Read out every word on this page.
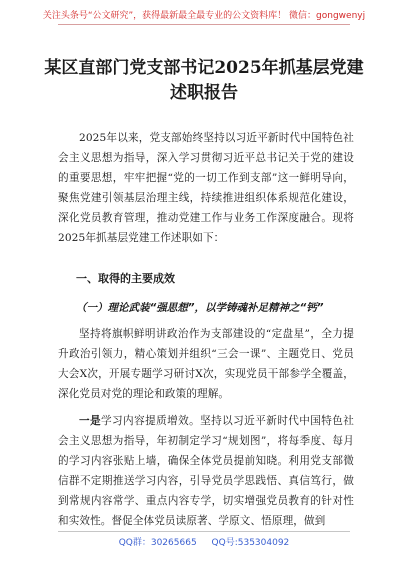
关注头条号“公文研究”，获得最新最全最专业的公文资料库！ 微信：gongwenyj
某区直部门党支部书记2025年抓基层党建述职报告
2025年以来，党支部始终坚持以习近平新时代中国特色社会主义思想为指导，深入学习贯彻习近平总书记关于党的建设的重要思想，牢牢把握“党的一切工作到支部”这一鲜明导向，聚焦党建引领基层治理主线，持续推进组织体系规范化建设，深化党员教育管理，推动党建工作与业务工作深度融合。现将2025年抓基层党建工作述职如下：
一、取得的主要成效
（一）理论武装“强思想”，以学铸魂补足精神之“钙”
坚持将旗帜鲜明讲政治作为支部建设的“定盘星”，全力提升政治引领力，精心策划并组织“三会一课”、主题党日、党员大会X次，开展专题学习研讨X次，实现党员干部参学全覆盖，深化党员对党的理论和政策的理解。
一是学习内容提质增效。坚持以习近平新时代中国特色社会主义思想为指导，年初制定学习“规划图”，将每季度、每月的学习内容张贴上墙，确保全体党员提前知晓。利用党支部微信群不定期推送学习内容，引导党员学思践悟、真信笃行，做到常规内容常学、重点内容专学，切实增强党员教育的针对性和实效性。督促全体党员读原著、学原文、悟原理，做到
QQ群：30265665 QQ号:535304092
